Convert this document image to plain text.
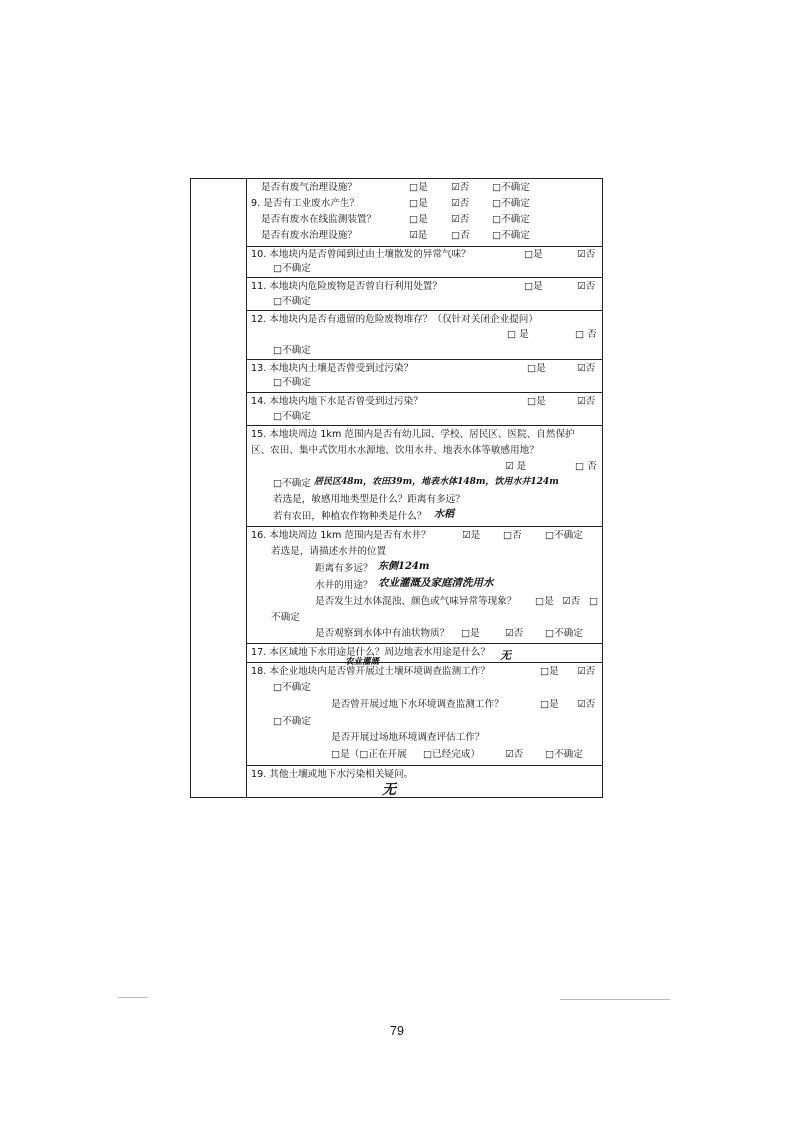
是否有废气治理设施？	□是 ☑否 □不确定
9. 是否有工业废水产生？	□是 ☑否 □不确定
是否有废水在线监测装置？	□是 ☑否 □不确定
是否有废水治理设施？	☑是 □否 □不确定
10. 本地块内是否曾闻到过由土壤散发的异常气味？	□是	☑否
□不确定
11. 本地块内危险废物是否曾自行利用处置？	□是	☑否
□不确定
12. 本地块内是否有遗留的危险废物堆存？（仅针对关闭企业提问）
□ 是	□ 否
□不确定
13. 本地块内土壤是否曾受到过污染？	□是	☑否
□不确定
14. 本地块内地下水是否曾受到过污染？	□是	☑否
□不确定
15. 本地块周边 1km 范围内是否有幼儿园、学校、居民区、医院、自然保护
区、农田、集中式饮用水水源地、饮用水井、地表水体等敏感用地？
☑ 是	□ 否
□不确定 居民区48m，农田39m，地表水体148m，饮用水井124m
若选是，敏感用地类型是什么？距离有多远？
若有农田，种植农作物种类是什么？ 水稻
16. 本地块周边 1km 范围内是否有水井？	☑是 □否 □不确定
若选是，请描述水井的位置
距离有多远？ 东侧124m
水井的用途？ 农业灌溉及家庭清洗用水
是否发生过水体混浊、颜色或气味异常等现象？ □是 ☑否 □
不确定
是否观察到水体中有油状物质？ □是	☑否 □不确定
17. 本区域地下水用途是什么？周边地表水用途是什么？
农业灌溉	无
18. 本企业地块内是否曾开展过土壤环境调查监测工作？	□是 ☑否
□不确定
是否曾开展过地下水环境调查监测工作？	□是 ☑否
□不确定
是否开展过场地环境调查评估工作？
□是（□正在开展 □已经完成）	☑否 □不确定
19. 其他土壤或地下水污染相关疑问。
无
79
